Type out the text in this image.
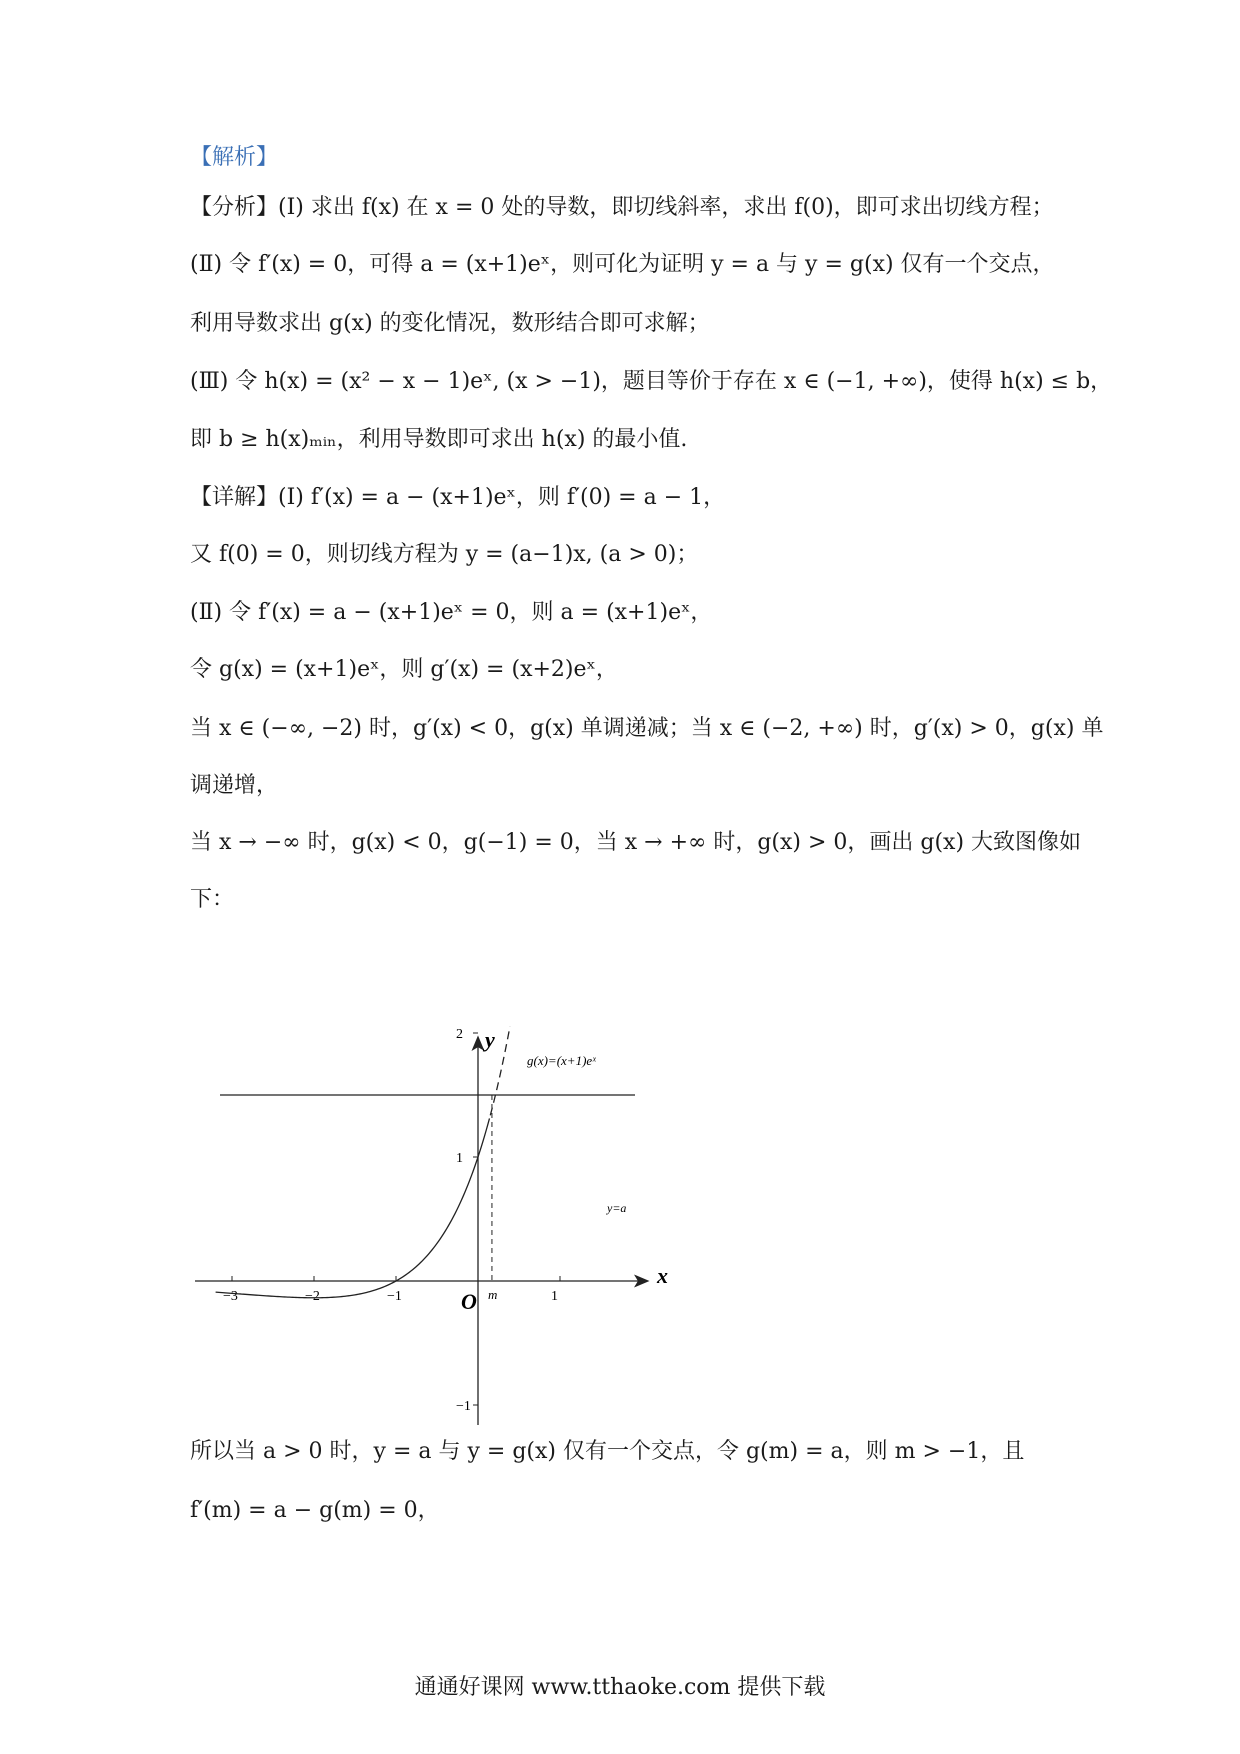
【解析】
【分析】(Ⅰ) 求出 f(x) 在 x = 0 处的导数，即切线斜率，求出 f(0)，即可求出切线方程；
(Ⅱ) 令 f′(x) = 0，可得 a = (x+1)eˣ，则可化为证明 y = a 与 y = g(x) 仅有一个交点，
利用导数求出 g(x) 的变化情况，数形结合即可求解；
(Ⅲ) 令 h(x) = (x² − x − 1)eˣ, (x > −1)，题目等价于存在 x ∈ (−1, +∞)，使得 h(x) ≤ b，
即 b ≥ h(x)ₘᵢₙ，利用导数即可求出 h(x) 的最小值.
【详解】(Ⅰ) f′(x) = a − (x+1)eˣ，则 f′(0) = a − 1，
又 f(0) = 0，则切线方程为 y = (a−1)x, (a > 0)；
(Ⅱ) 令 f′(x) = a − (x+1)eˣ = 0，则 a = (x+1)eˣ，
令 g(x) = (x+1)eˣ，则 g′(x) = (x+2)eˣ，
当 x ∈ (−∞, −2) 时，g′(x) < 0，g(x) 单调递减；当 x ∈ (−2, +∞) 时，g′(x) > 0，g(x) 单
调递增，
当 x → −∞ 时，g(x) < 0，g(−1) = 0，当 x → +∞ 时，g(x) > 0，画出 g(x) 大致图像如
下：
x
y
O
−3	−2	−1	1
2
1
−1
y=a
g(x)=(x+1)eˣ
m
所以当 a > 0 时，y = a 与 y = g(x) 仅有一个交点，令 g(m) = a，则 m > −1，且
f′(m) = a − g(m) = 0，
通通好课网 www.tthaoke.com 提供下载
